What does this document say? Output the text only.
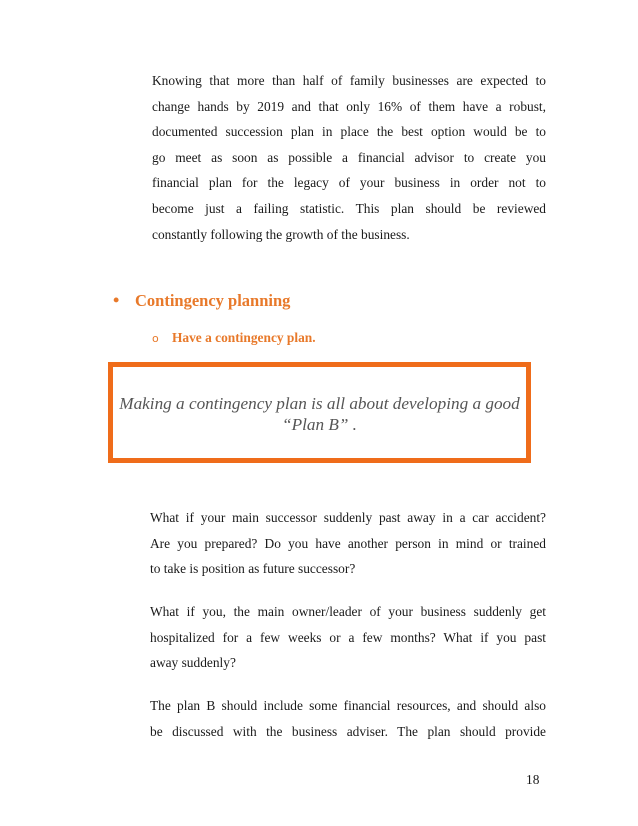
Knowing that more than half of family businesses are expected to
change hands by 2019 and that only 16% of them have a robust,
documented succession plan in place the best option would be to
go meet as soon as possible a financial advisor to create you
financial plan for the legacy of your business in order not to
become just a failing statistic. This plan should be reviewed
constantly following the growth of the business.
• Contingency planning
o Have a contingency plan.
Making a contingency plan is all about developing a good
“Plan B” .
What if your main successor suddenly past away in a car accident?
Are you prepared? Do you have another person in mind or trained
to take is position as future successor?
What if you, the main owner/leader of your business suddenly get
hospitalized for a few weeks or a few months? What if you past
away suddenly?
The plan B should include some financial resources, and should also
be discussed with the business adviser. The plan should provide
18
